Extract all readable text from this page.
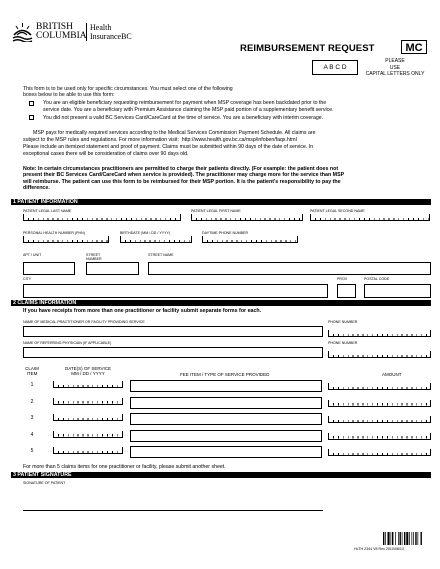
BRITISH
COLUMBIA
Health
InsuranceBC
REIMBURSEMENT REQUEST	MC
A B C D
PLEASE
USE
CAPITAL LETTERS ONLY

This form is to be used only for specific circumstances. You must select one of the following

boxes below to be able to use this form:

You are an eligible beneficiary requesting reimbursement for payment when MSP coverage has been backdated prior to the

service date. You are a beneficiary with Premium Assistance claiming the MSP paid portion of a supplementary benefit service.

You did not present a valid BC Services Card/CareCard at the time of service. You are a beneficiary with interim coverage.

MSP pays for medically required services according to the Medical Services Commission Payment Schedule. All claims are

subject to the MSP rules and regulations. For more information visit: http://www.health.gov.bc.ca/msp/infoben/faqs.html

Please include an itemized statement and proof of payment. Claims must be submitted within 90 days of the date of service. In

exceptional cases there will be consideration of claims over 90 days old.

Note: In certain circumstances practitioners are permitted to charge their patients directly. (For example: the patient does not

present their BC Services Card/CareCard when service is provided). The practitioner may charge more for the service than MSP

will reimburse. The patient can use this form to be reimbursed for their MSP portion. It is the patient's responsibility to pay the

difference.

1 PATIENT INFORMATION
PATIENT LEGAL LAST NAME	PATIENT LEGAL FIRST NAME	PATIENT LEGAL SECOND NAME
PERSONAL HEALTH NUMBER (PHN)	BIRTHDATE (MM / DD / YYYY)	DAYTIME PHONE NUMBER
APT / UNIT	STREET
NUMBER
STREET NAME
CITY	PROV	POSTAL CODE
2 CLAIMS INFORMATION
If you have receipts from more than one practitioner or facility submit separate forms for each.
NAME OF MEDICAL PRACTITIONER OR FACILITY PROVIDING SERVICE	PHONE NUMBER
NAME OF REFERRING PHYSICIAN (IF APPLICABLE)	PHONE NUMBER
CLAIM
ITEM
DATE(S) OF SERVICE
MM / DD / YYYY	FEE ITEM / TYPE OF SERVICE PROVIDED	AMOUNT
1
2
3
4
5
For more than 5 claims items for one practitioner or facility, please submit another sheet.
3 PATIENT SIGNATURE
SIGNATURE OF PATIENT
HLTH 2344 V8 Rev 2010/08/13
